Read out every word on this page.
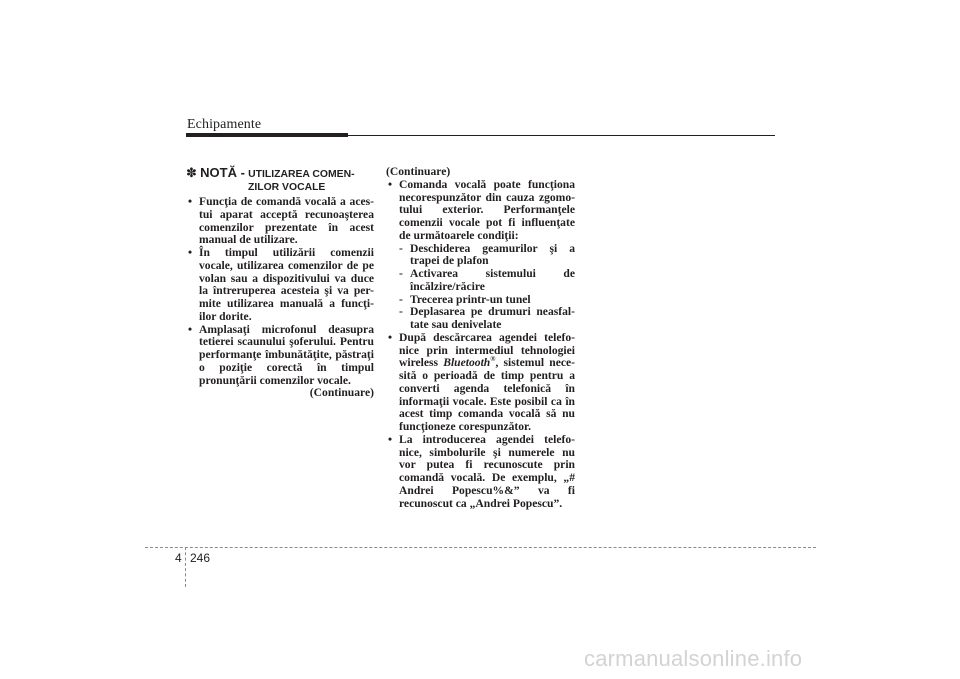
Echipamente
✽ NOTĂ - UTILIZAREA COMEN-
ZILOR VOCALE
• Funcţia de comandă vocală a aces-tui aparat acceptă recunoaşterea comenzilor prezentate în acest manual de utilizare.
• În timpul utilizării comenzii vocale, utilizarea comenzilor de pe volan sau a dispozitivului va duce la întreruperea acesteia şi va per-mite utilizarea manuală a funcţi-ilor dorite.
• Amplasaţi microfonul deasupra tetierei scaunului şoferului. Pentru performanţe îmbunătăţite, păstraţi o poziţie corectă în timpul pronunţării comenzilor vocale.
(Continuare)
(Continuare)
• Comanda vocală poate funcţiona necorespunzător din cauza zgomo-tului exterior. Performanţele comenzii vocale pot fi influenţate de următoarele condiţii:
- Deschiderea geamurilor şi a trapei de plafon
- Activarea sistemului de încălzire/răcire
- Trecerea printr-un tunel
- Deplasarea pe drumuri neasfal-tate sau denivelate
• După descărcarea agendei telefo-nice prin intermediul tehnologiei wireless Bluetooth®, sistemul nece-sită o perioadă de timp pentru a converti agenda telefonică în informaţii vocale. Este posibil ca în acest timp comanda vocală să nu funcţioneze corespunzător.
• La introducerea agendei telefo-nice, simbolurile şi numerele nu vor putea fi recunoscute prin comandă vocală. De exemplu, „# Andrei Popescu%&” va fi recunoscut ca „Andrei Popescu”.
4 246
carmanualsonline.info
